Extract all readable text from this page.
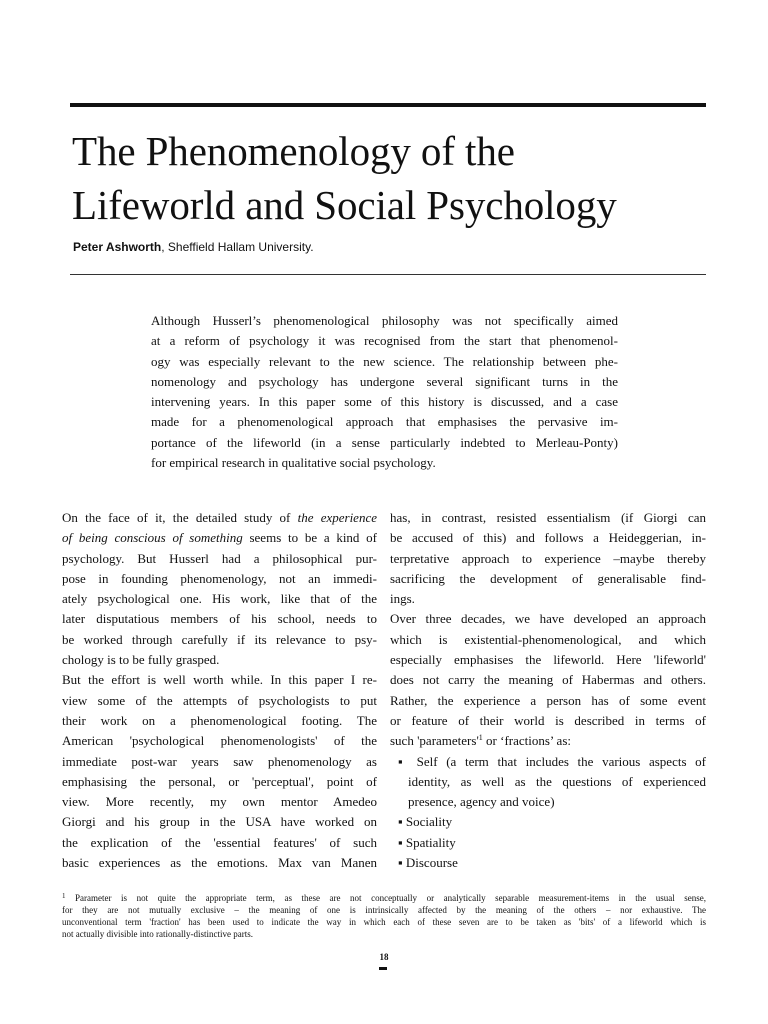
The Phenomenology of the
Lifeworld and Social Psychology
Peter Ashworth, Sheffield Hallam University.
Although Husserl’s phenomenological philosophy was not specifically aimed
at a reform of psychology it was recognised from the start that phenomenol-
ogy was especially relevant to the new science. The relationship between phe-
nomenology and psychology has undergone several significant turns in the
intervening years. In this paper some of this history is discussed, and a case
made for a phenomenological approach that emphasises the pervasive im-
portance of the lifeworld (in a sense particularly indebted to Merleau-Ponty)
for empirical research in qualitative social psychology.
On the face of it, the detailed study of the experience
of being conscious of something seems to be a kind of
psychology. But Husserl had a philosophical pur-
pose in founding phenomenology, not an immedi-
ately psychological one. His work, like that of the
later disputatious members of his school, needs to
be worked through carefully if its relevance to psy-
chology is to be fully grasped.
But the effort is well worth while. In this paper I re-
view some of the attempts of psychologists to put
their work on a phenomenological footing. The
American 'psychological phenomenologists' of the
immediate post-war years saw phenomenology as
emphasising the personal, or 'perceptual', point of
view. More recently, my own mentor Amedeo
Giorgi and his group in the USA have worked on
the explication of the 'essential features' of such
basic experiences as the emotions. Max van Manen
has, in contrast, resisted essentialism (if Giorgi can
be accused of this) and follows a Heideggerian, in-
terpretative approach to experience –maybe thereby
sacrificing the development of generalisable find-
ings.
Over three decades, we have developed an approach
which is existential-phenomenological, and which
especially emphasises the lifeworld. Here 'lifeworld'
does not carry the meaning of Habermas and others.
Rather, the experience a person has of some event
or feature of their world is described in terms of
such '$parameters'^1$ or ‘fractions’ as:
▪ Self (a term that includes the various aspects of
identity, as well as the questions of experienced
presence, agency and voice)
▪ Sociality
▪ Spatiality
▪ Discourse
$^1$ Parameter is not quite the appropriate term, as these are not conceptually or analytically separable measurement-items in the usual sense,
for they are not mutually exclusive – the meaning of one is intrinsically affected by the meaning of the others – nor exhaustive. The
unconventional term 'fraction' has been used to indicate the way in which each of these seven are to be taken as 'bits' of a lifeworld which is
not actually divisible into rationally-distinctive parts.
18
